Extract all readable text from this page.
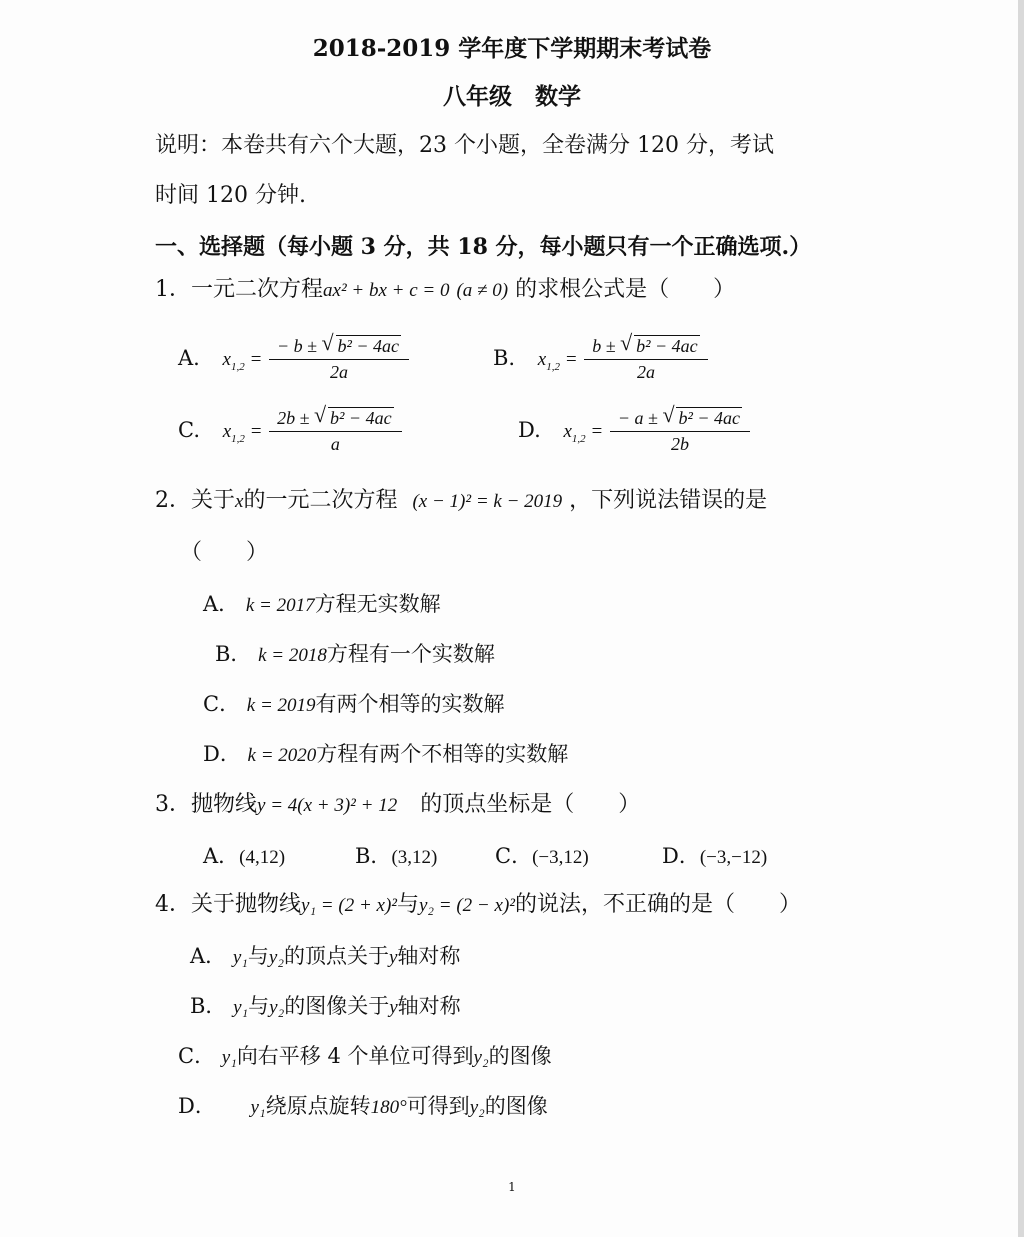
2018-2019 学年度下学期期末考试卷
八年级　数学
说明：本卷共有六个大题，23 个小题，全卷满分 120 分，考试
时间 120 分钟.
一、选择题（每小题 3 分，共 18 分，每小题只有一个正确选项.）
1．一元二次方程ax² + bx + c = 0 (a ≠ 0) 的求根公式是（　　）
A. $x_{1,2} = \frac{\text{− b ± √ b² − 4ac}}{2a}$	B. $x_{1,2} = \frac{\text{b ± √ b² − 4ac}}{2a}$
C. $x_{1,2} = \frac{\text{2b ± √ b² − 4ac}}{a}$	D. $x_{1,2} = \frac{\text{− a ± √ b² − 4ac}}{2b}$
2．关于x的一元二次方程 (x − 1)² = k − 2019 ，下列说法错误的是
（　　）
A． k = 2017方程无实数解
B． k = 2018方程有一个实数解
C． k = 2019有两个相等的实数解
D． k = 2020方程有两个不相等的实数解
3．抛物线y = 4(x + 3)² + 12 的顶点坐标是（　　）
A．(4,12)	B．(3,12)	C．(−3,12)	D．(−3,−12)
4．关于抛物线y₁ = (2 + x)²与y₂ = (2 − x)²的说法，不正确的是（　　）
A． y₁与y₂的顶点关于y轴对称
B． y₁与y₂的图像关于y轴对称
C． y₁向右平移 4 个单位可得到y₂的图像
D． y₁绕原点旋转180°可得到y₂的图像
1
